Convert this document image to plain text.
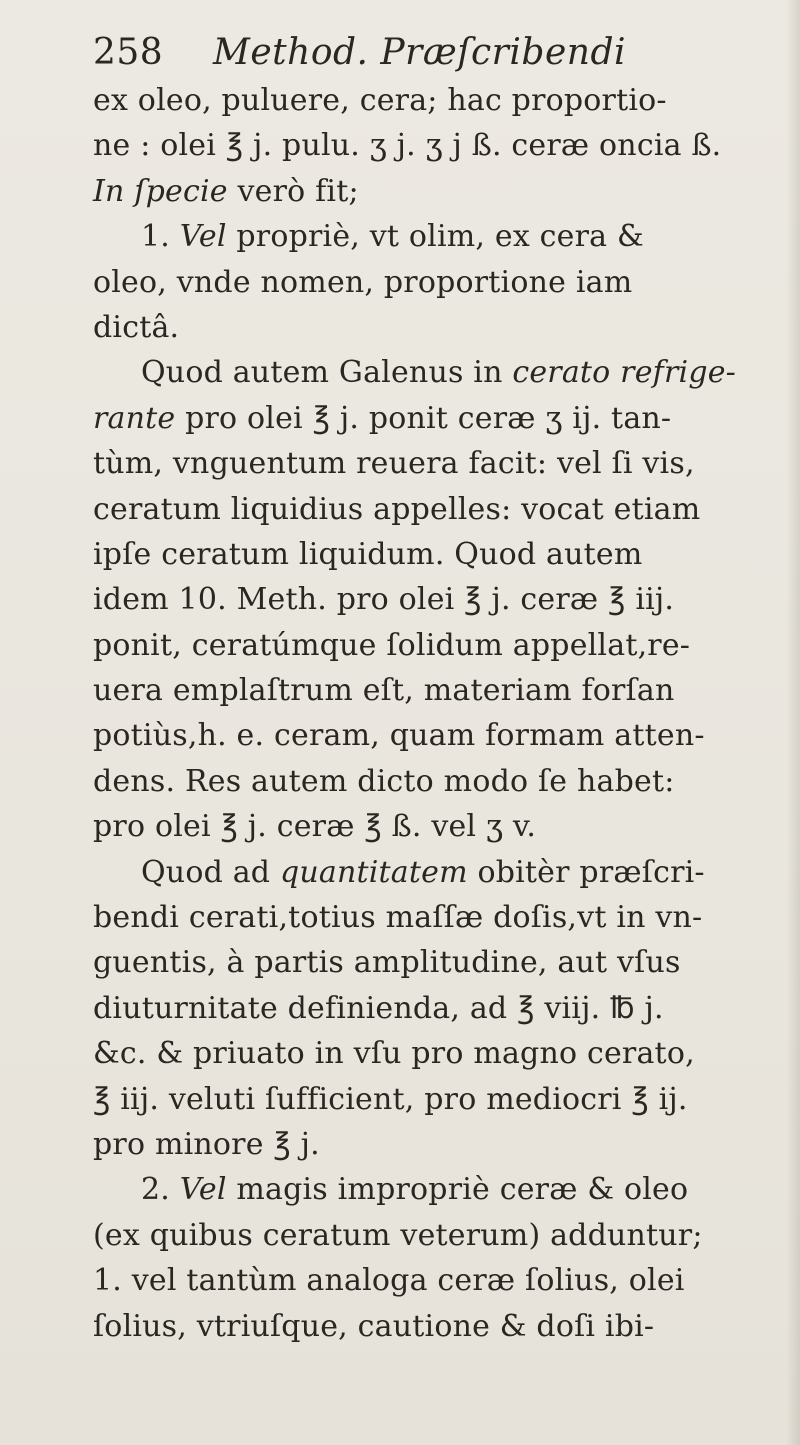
258 Method. Præſcribendi
ex oleo, puluere, cera; hac proportio-
ne : olei ℥ j. pulu. ʒ j. ʒ j ß. ceræ oncia ß.
In ſpecie verò fit;
1. Vel propriè, vt olim, ex cera &
oleo, vnde nomen, proportione iam
dictâ.
Quod autem Galenus in cerato refrige-
rante pro olei ℥ j. ponit ceræ ʒ ij. tan-
tùm, vnguentum reuera facit: vel ſi vis,
ceratum liquidius appelles: vocat etiam
ipſe ceratum liquidum. Quod autem
idem 10. Meth. pro olei ℥ j. ceræ ℥ iij.
ponit, ceratúmque ſolidum appellat,re-
uera emplaſtrum eſt, materiam forſan
potiùs,h. e. ceram, quam formam atten-
dens. Res autem dicto modo ſe habet:
pro olei ℥ j. ceræ ℥ ß. vel ʒ v.
Quod ad quantitatem obitèr præſcri-
bendi cerati,totius maſſæ doſis,vt in vn-
guentis, à partis amplitudine, aut vſus
diuturnitate definienda, ad ℥ viij. ℔ j.
&c. & priuato in vſu pro magno cerato,
℥ iij. veluti ſufficient, pro mediocri ℥ ij.
pro minore ℥ j.
2. Vel magis impropriè ceræ & oleo
(ex quibus ceratum veterum) adduntur;
1. vel tantùm analoga ceræ ſolius, olei
ſolius, vtriuſque, cautione & doſi ibi-
